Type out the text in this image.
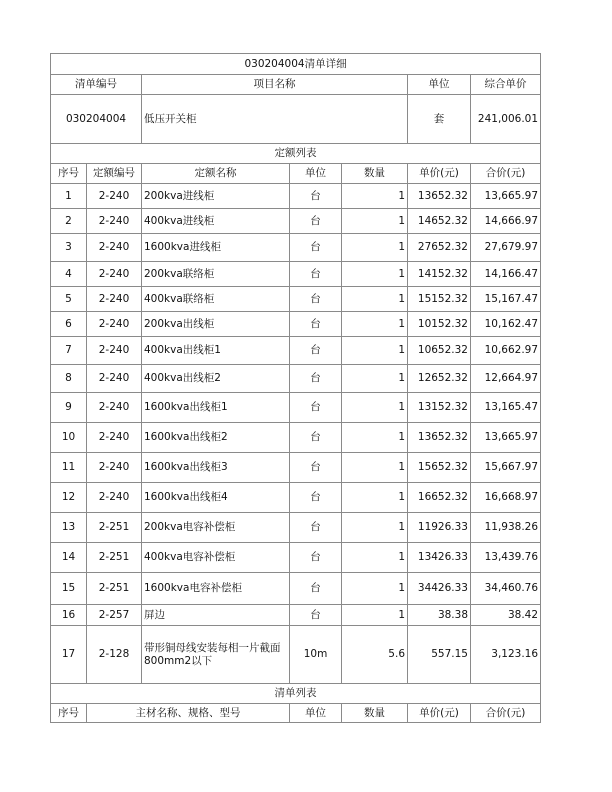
030204004清单详细						
清单编号		项目名称			单位	综合单价
030204004		低压开关柜			套	241,006.01
定额列表						
序号	定额编号	定额名称	单位	数量	单价(元)	合价(元)
1	2-240	200kva进线柜	台	1	13652.32	13,665.97
2	2-240	400kva进线柜	台	1	14652.32	14,666.97
3	2-240	1600kva进线柜	台	1	27652.32	27,679.97
4	2-240	200kva联络柜	台	1	14152.32	14,166.47
5	2-240	400kva联络柜	台	1	15152.32	15,167.47
6	2-240	200kva出线柜	台	1	10152.32	10,162.47
7	2-240	400kva出线柜1	台	1	10652.32	10,662.97
8	2-240	400kva出线柜2	台	1	12652.32	12,664.97
9	2-240	1600kva出线柜1	台	1	13152.32	13,165.47
10	2-240	1600kva出线柜2	台	1	13652.32	13,665.97
11	2-240	1600kva出线柜3	台	1	15652.32	15,667.97
12	2-240	1600kva出线柜4	台	1	16652.32	16,668.97
13	2-251	200kva电容补偿柜	台	1	11926.33	11,938.26
14	2-251	400kva电容补偿柜	台	1	13426.33	13,439.76
15	2-251	1600kva电容补偿柜	台	1	34426.33	34,460.76
16	2-257	屏边	台	1	38.38	38.42
17	2-128	带形铜母线安装每相一片截面800mm2以下	10m	5.6	557.15	3,123.16
清单列表						
序号	主材名称、规格、型号		单位	数量	单价(元)	合价(元)
